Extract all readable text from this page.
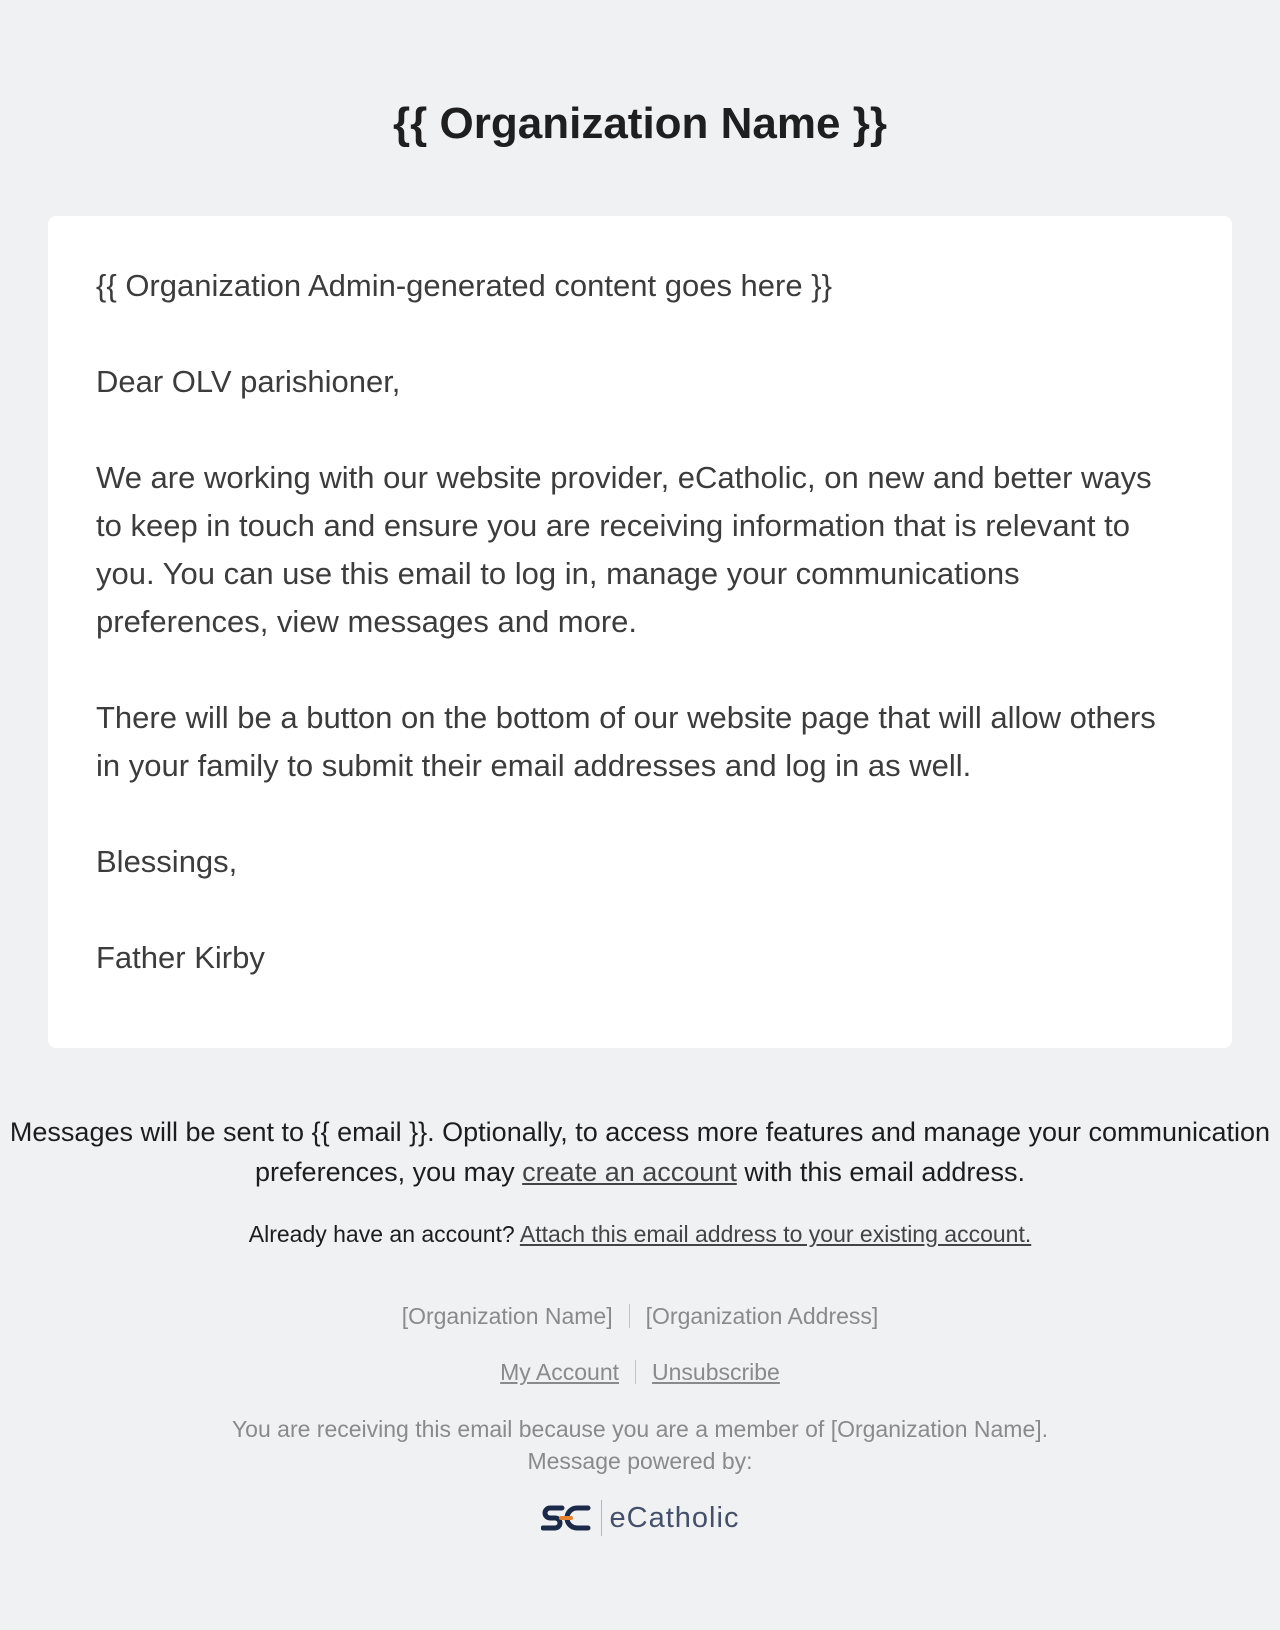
{{ Organization Name }}

{{ Organization Admin-generated content goes here }}

Dear OLV parishioner,

We are working with our website provider, eCatholic, on new and better ways to keep in touch and ensure you are receiving information that is relevant to you. You can use this email to log in, manage your communications preferences, view messages and more.

There will be a button on the bottom of our website page that will allow others in your family to submit their email addresses and log in as well.

Blessings,

Father Kirby

Messages will be sent to {{ email }}. Optionally, to access more features and manage your communication preferences, you may create an account with this email address.
Already have an account? Attach this email address to your existing account.
[Organization Name] [Organization Address]
My Account Unsubscribe
You are receiving this email because you are a member of [Organization Name].
Message powered by:
eCatholic
